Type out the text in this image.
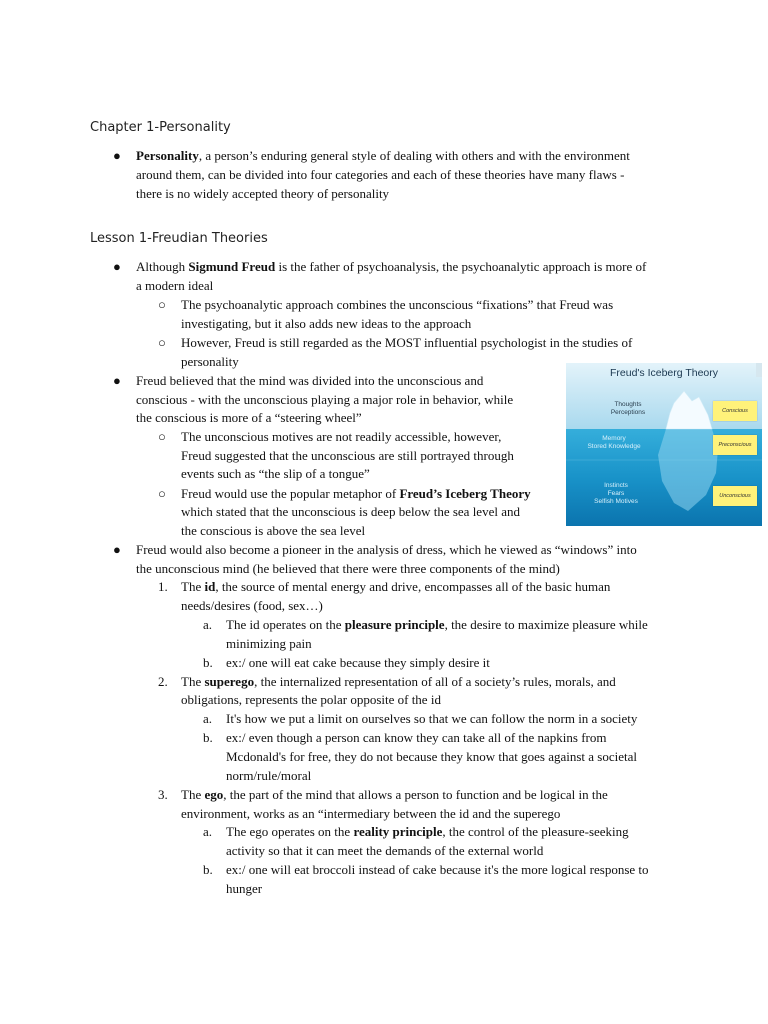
Chapter 1-Personality
● Personality, a person’s enduring general style of dealing with others and with the environment
around them, can be divided into four categories and each of these theories have many flaws -
there is no widely accepted theory of personality
Lesson 1-Freudian Theories
● Although Sigmund Freud is the father of psychoanalysis, the psychoanalytic approach is more of
a modern ideal
○ The psychoanalytic approach combines the unconscious “fixations” that Freud was
investigating, but it also adds new ideas to the approach
○ However, Freud is still regarded as the MOST influential psychologist in the studies of
personality
● Freud believed that the mind was divided into the unconscious and
conscious - with the unconscious playing a major role in behavior, while
the conscious is more of a “steering wheel”
○ The unconscious motives are not readily accessible, however,
Freud suggested that the unconscious are still portrayed through
events such as “the slip of a tongue”
○ Freud would use the popular metaphor of Freud’s Iceberg Theory
which stated that the unconscious is deep below the sea level and
the conscious is above the sea level
Freud's Iceberg Theory
Thoughts
Perceptions
Memory
Stored Knowledge
Instincts
Fears
Selfish Motives
Conscious
Preconscious
Unconscious
● Freud would also become a pioneer in the analysis of dress, which he viewed as “windows” into
the unconscious mind (he believed that there were three components of the mind)
1. The id, the source of mental energy and drive, encompasses all of the basic human
needs/desires (food, sex…)
a. The id operates on the pleasure principle, the desire to maximize pleasure while
minimizing pain
b. ex:/ one will eat cake because they simply desire it
2. The superego, the internalized representation of all of a society’s rules, morals, and
obligations, represents the polar opposite of the id
a. It's how we put a limit on ourselves so that we can follow the norm in a society
b. ex:/ even though a person can know they can take all of the napkins from
Mcdonald's for free, they do not because they know that goes against a societal
norm/rule/moral
3. The ego, the part of the mind that allows a person to function and be logical in the
environment, works as an “intermediary between the id and the superego
a. The ego operates on the reality principle, the control of the pleasure-seeking
activity so that it can meet the demands of the external world
b. ex:/ one will eat broccoli instead of cake because it's the more logical response to
hunger
